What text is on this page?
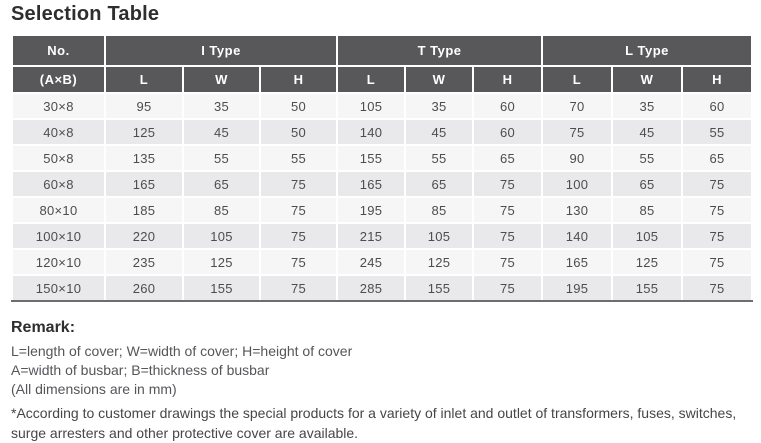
Selection Table
No.	I Type			T Type			L Type		
(A×B)	L	W	H	L	W	H	L	W	H
30×8	95	35	50	105	35	60	70	35	60
40×8	125	45	50	140	45	60	75	45	55
50×8	135	55	55	155	55	65	90	55	65
60×8	165	65	75	165	65	75	100	65	75
80×10	185	85	75	195	85	75	130	85	75
100×10	220	105	75	215	105	75	140	105	75
120×10	235	125	75	245	125	75	165	125	75
150×10	260	155	75	285	155	75	195	155	75

Remark:

L=length of cover; W=width of cover; H=height of cover

A=width of busbar; B=thickness of busbar

(All dimensions are in mm)

*According to customer drawings the special products for a variety of inlet and outlet of transformers, fuses, switches, surge arresters and other protective cover are available.
